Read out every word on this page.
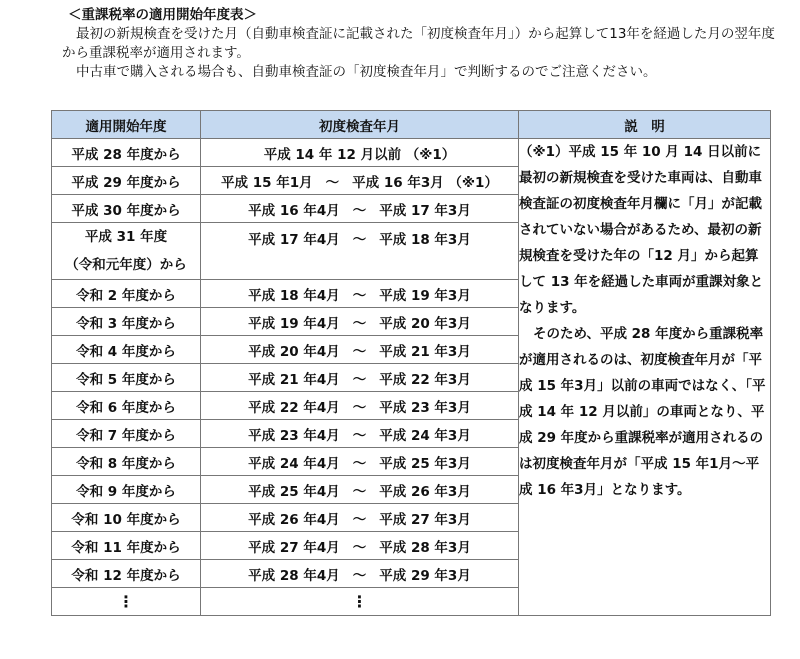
＜重課税率の適用開始年度表＞
最初の新規検査を受けた月（自動車検査証に記載された「初度検査年月」）から起算して13年を経過した月の翌年度から重課税率が適用されます。
中古車で購入される場合も、自動車検査証の「初度検査年月」で判断するのでご注意ください。
適用開始年度	初度検査年月	説　明
平成 28 年度から	平成 14 年 12 月以前 （※1）	（※1）平成 15 年 10 月 14 日以前に最初の新規検査を受けた車両は、自動車検査証の初度検査年月欄に「月」が記載されていない場合があるため、最初の新規検査を受けた年の「12 月」から起算して 13 年を経過した車両が重課対象となります。

そのため、平成 28 年度から重課税率が適用されるのは、初度検査年月が「平成 15 年3月」以前の車両ではなく、「平成 14 年 12 月以前」の車両となり、平成 29 年度から重課税率が適用されるのは初度検査年月が「平成 15 年1月～平成 16 年3月」となります。

平成 29 年度から	平成 15 年1月 ～ 平成 16 年3月 （※1）	

平成 30 年度から	平成 16 年4月 ～ 平成 17 年3月	

平成 31 年度
（令和元年度）から	平成 17 年4月 ～ 平成 18 年3月	

令和 2 年度から	平成 18 年4月 ～ 平成 19 年3月	

令和 3 年度から	平成 19 年4月 ～ 平成 20 年3月	

令和 4 年度から	平成 20 年4月 ～ 平成 21 年3月	

令和 5 年度から	平成 21 年4月 ～ 平成 22 年3月	

令和 6 年度から	平成 22 年4月 ～ 平成 23 年3月	

令和 7 年度から	平成 23 年4月 ～ 平成 24 年3月	

令和 8 年度から	平成 24 年4月 ～ 平成 25 年3月	

令和 9 年度から	平成 25 年4月 ～ 平成 26 年3月	

令和 10 年度から	平成 26 年4月 ～ 平成 27 年3月	

令和 11 年度から	平成 27 年4月 ～ 平成 28 年3月	

令和 12 年度から	平成 28 年4月 ～ 平成 29 年3月	

⋮	⋮	
